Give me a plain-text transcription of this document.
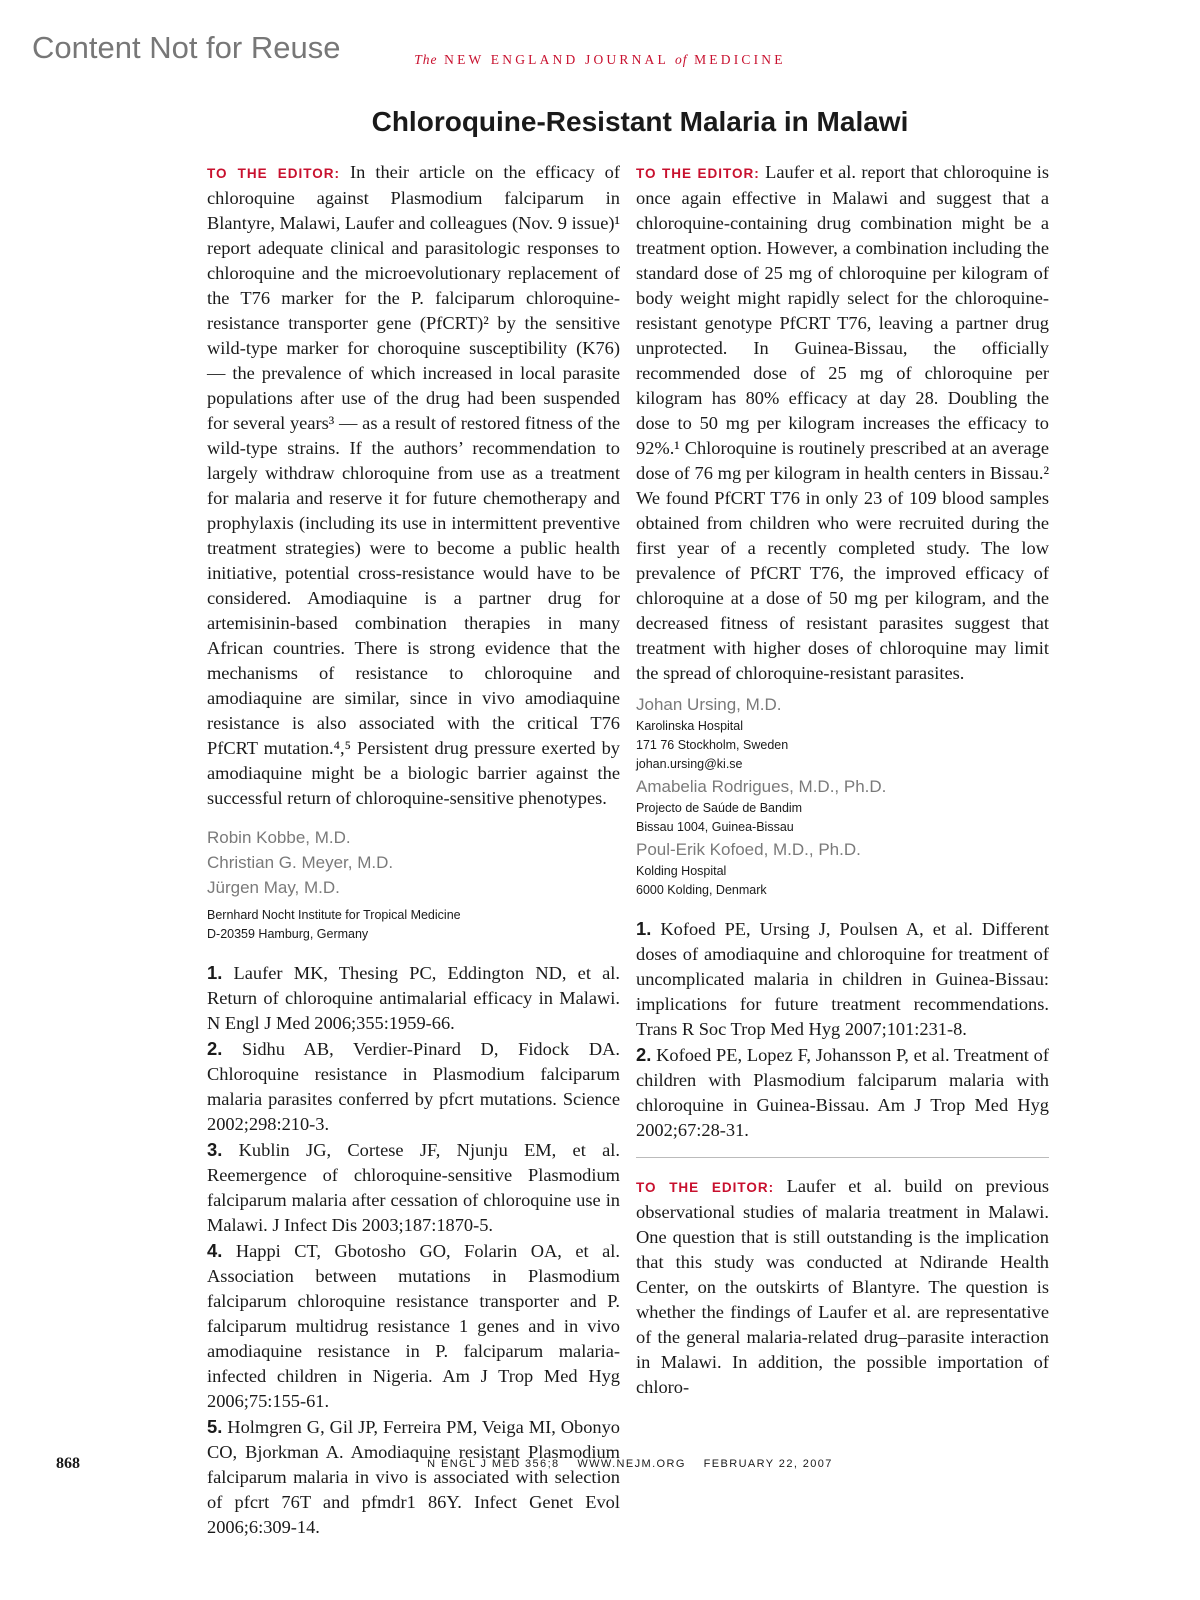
Content Not for Reuse	The NEW ENGLAND JOURNAL of MEDICINE
Chloroquine-Resistant Malaria in Malawi

TO THE EDITOR: In their article on the efficacy of chloroquine against Plasmodium falciparum in Blantyre, Malawi, Laufer and colleagues (Nov. 9 issue)¹ report adequate clinical and parasitologic responses to chloroquine and the microevolutionary replacement of the T76 marker for the P. falciparum chloroquine-resistance transporter gene (PfCRT)² by the sensitive wild-type marker for choroquine susceptibility (K76) — the prevalence of which increased in local parasite populations after use of the drug had been suspended for several years³ — as a result of restored fitness of the wild-type strains. If the authors’ recommendation to largely withdraw chloroquine from use as a treatment for malaria and reserve it for future chemotherapy and prophylaxis (including its use in intermittent preventive treatment strategies) were to become a public health initiative, potential cross-resistance would have to be considered. Amodiaquine is a partner drug for artemisinin-based combination therapies in many African countries. There is strong evidence that the mechanisms of resistance to chloroquine and amodiaquine are similar, since in vivo amodiaquine resistance is also associated with the critical T76 PfCRT mutation.⁴,⁵ Persistent drug pressure exerted by amodiaquine might be a biologic barrier against the successful return of chloroquine-sensitive phenotypes.

Robin Kobbe, M.D.
Christian G. Meyer, M.D.
Jürgen May, M.D.
Bernhard Nocht Institute for Tropical Medicine
D-20359 Hamburg, Germany

1. Laufer MK, Thesing PC, Eddington ND, et al. Return of chloroquine antimalarial efficacy in Malawi. N Engl J Med 2006;355:1959-66.

2. Sidhu AB, Verdier-Pinard D, Fidock DA. Chloroquine resistance in Plasmodium falciparum malaria parasites conferred by pfcrt mutations. Science 2002;298:210-3.

3. Kublin JG, Cortese JF, Njunju EM, et al. Reemergence of chloroquine-sensitive Plasmodium falciparum malaria after cessation of chloroquine use in Malawi. J Infect Dis 2003;187:1870-5.

4. Happi CT, Gbotosho GO, Folarin OA, et al. Association between mutations in Plasmodium falciparum chloroquine resistance transporter and P. falciparum multidrug resistance 1 genes and in vivo amodiaquine resistance in P. falciparum malaria-infected children in Nigeria. Am J Trop Med Hyg 2006;75:155-61.

5. Holmgren G, Gil JP, Ferreira PM, Veiga MI, Obonyo CO, Bjorkman A. Amodiaquine resistant Plasmodium falciparum malaria in vivo is associated with selection of pfcrt 76T and pfmdr1 86Y. Infect Genet Evol 2006;6:309-14.

TO THE EDITOR: Laufer et al. report that chloroquine is once again effective in Malawi and suggest that a chloroquine-containing drug combination might be a treatment option. However, a combination including the standard dose of 25 mg of chloroquine per kilogram of body weight might rapidly select for the chloroquine-resistant genotype PfCRT T76, leaving a partner drug unprotected. In Guinea-Bissau, the officially recommended dose of 25 mg of chloroquine per kilogram has 80% efficacy at day 28. Doubling the dose to 50 mg per kilogram increases the efficacy to 92%.¹ Chloroquine is routinely prescribed at an average dose of 76 mg per kilogram in health centers in Bissau.² We found PfCRT T76 in only 23 of 109 blood samples obtained from children who were recruited during the first year of a recently completed study. The low prevalence of PfCRT T76, the improved efficacy of chloroquine at a dose of 50 mg per kilogram, and the decreased fitness of resistant parasites suggest that treatment with higher doses of chloroquine may limit the spread of chloroquine-resistant parasites.

Johan Ursing, M.D.
Karolinska Hospital
171 76 Stockholm, Sweden
johan.ursing@ki.se
Amabelia Rodrigues, M.D., Ph.D.
Projecto de Saúde de Bandim
Bissau 1004, Guinea-Bissau
Poul-Erik Kofoed, M.D., Ph.D.
Kolding Hospital
6000 Kolding, Denmark

1. Kofoed PE, Ursing J, Poulsen A, et al. Different doses of amodiaquine and chloroquine for treatment of uncomplicated malaria in children in Guinea-Bissau: implications for future treatment recommendations. Trans R Soc Trop Med Hyg 2007;101:231-8.

2. Kofoed PE, Lopez F, Johansson P, et al. Treatment of children with Plasmodium falciparum malaria with chloroquine in Guinea-Bissau. Am J Trop Med Hyg 2002;67:28-31.

TO THE EDITOR: Laufer et al. build on previous observational studies of malaria treatment in Malawi. One question that is still outstanding is the implication that this study was conducted at Ndirande Health Center, on the outskirts of Blantyre. The question is whether the findings of Laufer et al. are representative of the general malaria-related drug–parasite interaction in Malawi. In addition, the possible importation of chloro-

868	N ENGL J MED 356;8    WWW.NEJM.ORG    FEBRUARY 22, 2007
